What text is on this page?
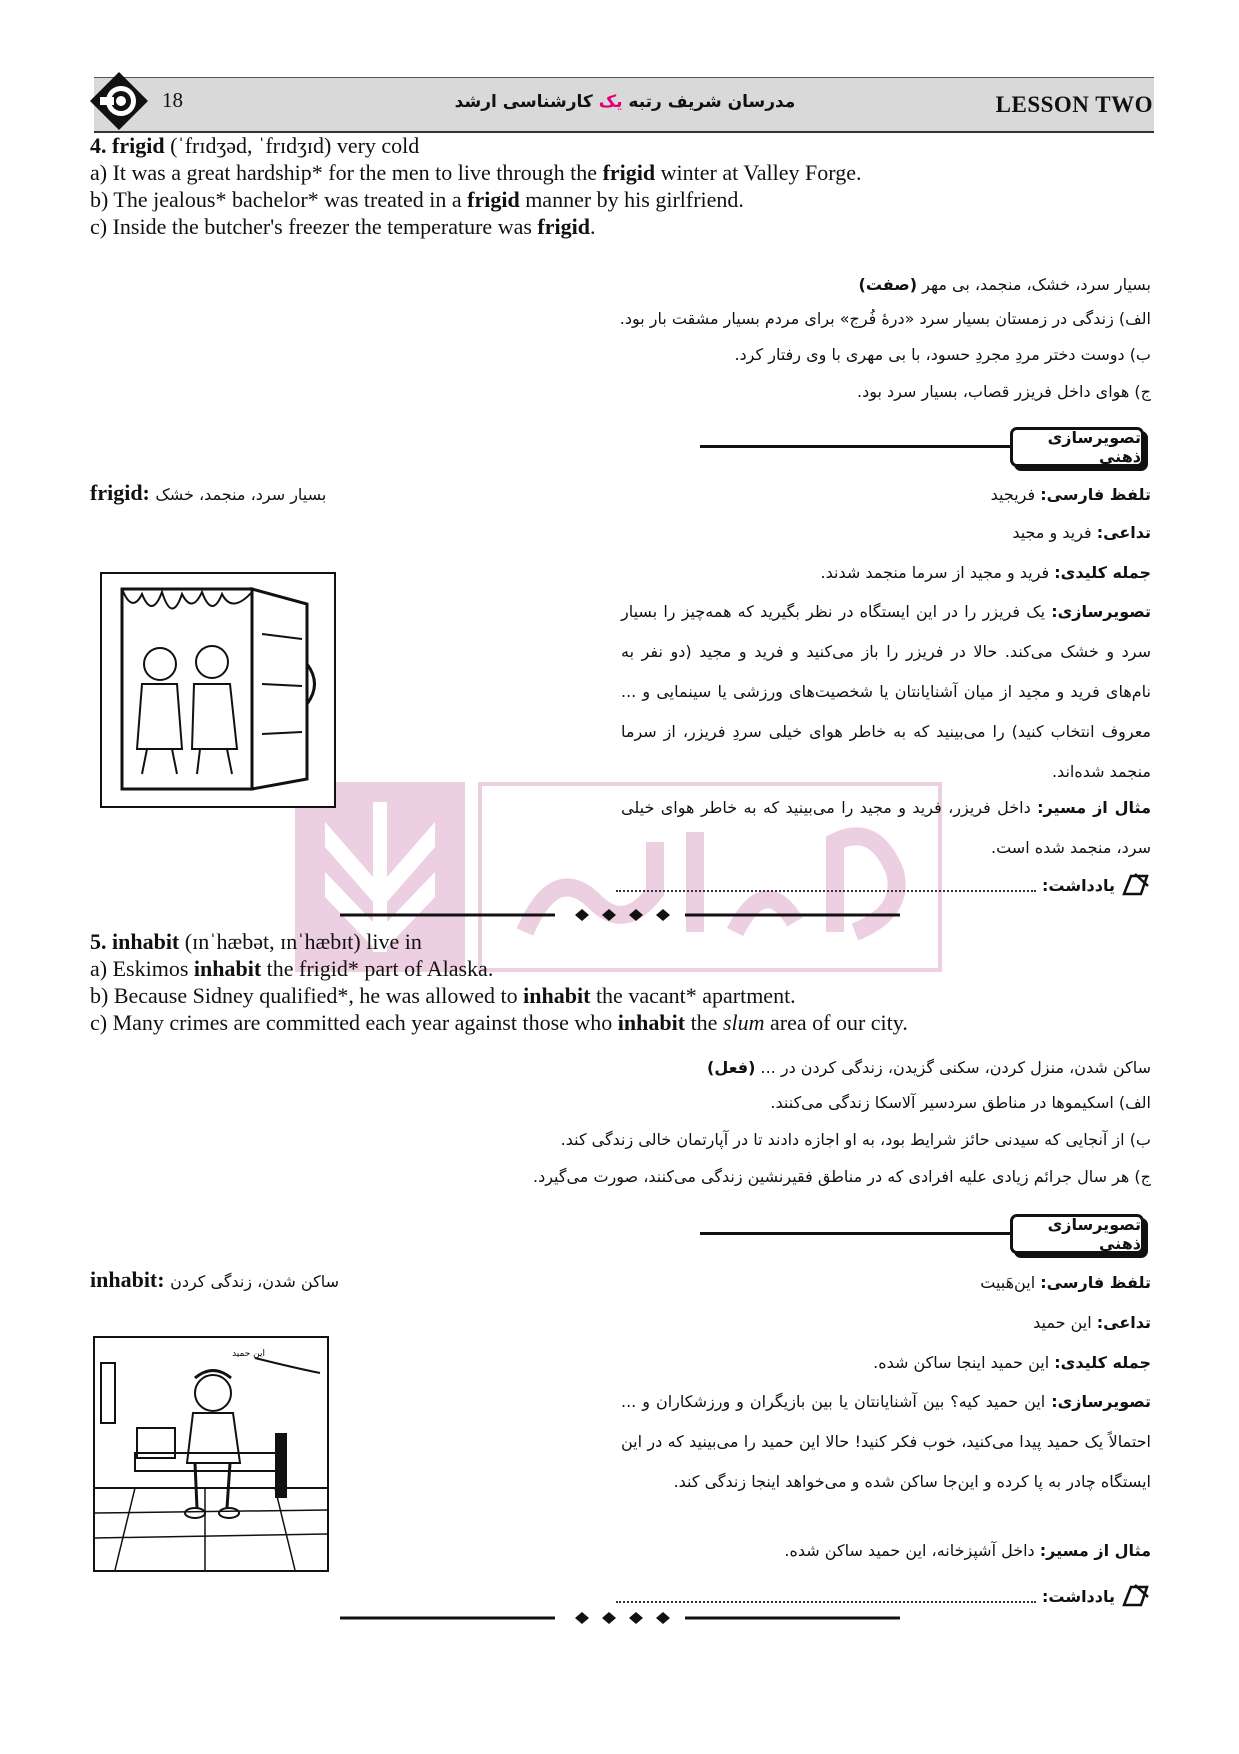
18	مدرسان شریف رتبه یک کارشناسی ارشد	LESSON TWO
4. frigid (ˈfrɪdʒəd, ˈfrɪdʒɪd) very cold
a) It was a great hardship* for the men to live through the frigid winter at Valley Forge.
b) The jealous* bachelor* was treated in a frigid manner by his girlfriend.
c) Inside the butcher's freezer the temperature was frigid.
بسیار سرد، خشک، منجمد، بی مهر (صفت)
الف) زندگی در زمستان بسیار سرد «درهٔ فُرج» برای مردم بسیار مشقت بار بود.
ب) دوست دختر مردِ مجردِ حسود، با بی مهری با وی رفتار کرد.
ج) هوای داخل فریزر قصاب، بسیار سرد بود.
تصویرسازی ذهنی
frigid: بسیار سرد، منجمد، خشک	تلفظ فارسی: فریجید
تداعی: فرید و مجید
جمله کلیدی: فرید و مجید از سرما منجمد شدند.
تصویرسازی: یک فریزر را در این ایستگاه در نظر بگیرید که همه‌چیز را بسیار سرد و خشک می‌کند. حالا در فریزر را باز می‌کنید و فرید و مجید (دو نفر به نام‌های فرید و مجید از میان آشنایانتان یا شخصیت‌های ورزشی یا سینمایی و ... معروف انتخاب کنید) را می‌بینید که به خاطر هوای خیلی سردِ فریزر، از سرما منجمد شده‌اند.
مثال از مسیر: داخل فریزر، فرید و مجید را می‌بینید که به خاطر هوای خیلی سرد، منجمد شده است.
یادداشت:
5. inhabit (ɪnˈhæbət, ɪnˈhæbɪt) live in
a) Eskimos inhabit the frigid* part of Alaska.
b) Because Sidney qualified*, he was allowed to inhabit the vacant* apartment.
c) Many crimes are committed each year against those who inhabit the slum area of our city.
ساکن شدن، منزل کردن، سکنی گزیدن، زندگی کردن در ... (فعل)
الف) اسکیموها در مناطق سردسیر آلاسکا زندگی می‌کنند.
ب) از آنجایی که سیدنی حائز شرایط بود، به او اجازه دادند تا در آپارتمان خالی زندگی کند.
ج) هر سال جرائم زیادی علیه افرادی که در مناطق فقیرنشین زندگی می‌کنند، صورت می‌گیرد.
تصویرسازی ذهنی
inhabit: ساکن شدن، زندگی کردن	تلفظ فارسی: این‌هَبیت
تداعی: این حمید
جمله کلیدی: این حمید اینجا ساکن شده.
تصویرسازی: این حمید کیه؟ بین آشنایانتان یا بین بازیگران و ورزشکاران و ... احتمالاً یک حمید پیدا می‌کنید، خوب فکر کنید! حالا این حمید را می‌بینید که در این ایستگاه چادر به پا کرده و این‌جا ساکن شده و می‌خواهد اینجا زندگی کند.
مثال از مسیر: داخل آشپزخانه، این حمید ساکن شده.
یادداشت:
این حمید
